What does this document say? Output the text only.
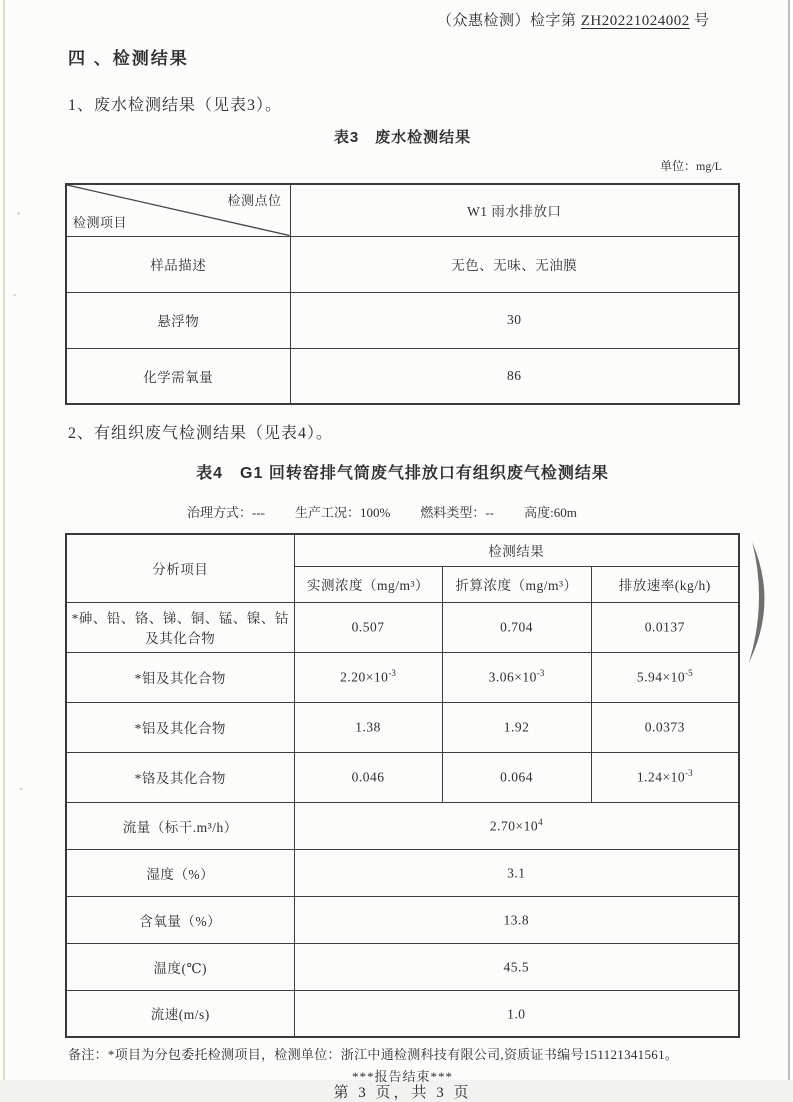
（众惠检测）检字第 ZH20221024002 号
四 、检测结果
1、废水检测结果（见表3）。
表3　废水检测结果
单位：mg/L
检测点位
检测项目	W1 雨水排放口
样品描述	无色、无味、无油膜
悬浮物	30
化学需氧量	86
2、有组织废气检测结果（见表4）。
表4　G1 回转窑排气筒废气排放口有组织废气检测结果
治理方式：--- 生产工况：100% 燃料类型：-- 高度:60m
分析项目	检测结果		
	实测浓度（mg/m³）	折算浓度（mg/m³）	排放速率(kg/h)
*砷、铅、铬、锑、铜、锰、镍、钴及其化合物	0.507	0.704	0.0137
*钼及其化合物	$2.20\times 10^{-3}$	$3.06\times 10^{-3}$	$5.94\times 10^{-5}$
*铝及其化合物	1.38	1.92	0.0373
*铬及其化合物	0.046	0.064	$1.24\times 10^{-3}$
流量（标干.m³/h）	$2.70\times 10^4$
湿度（%）	3.1		
含氧量（%）	13.8		
温度(℃)	45.5		
流速(m/s)	1.0		
备注：*项目为分包委托检测项目，检测单位：浙江中通检测科技有限公司,资质证书编号151121341561。
***报告结束***
第 3 页，共 3 页
